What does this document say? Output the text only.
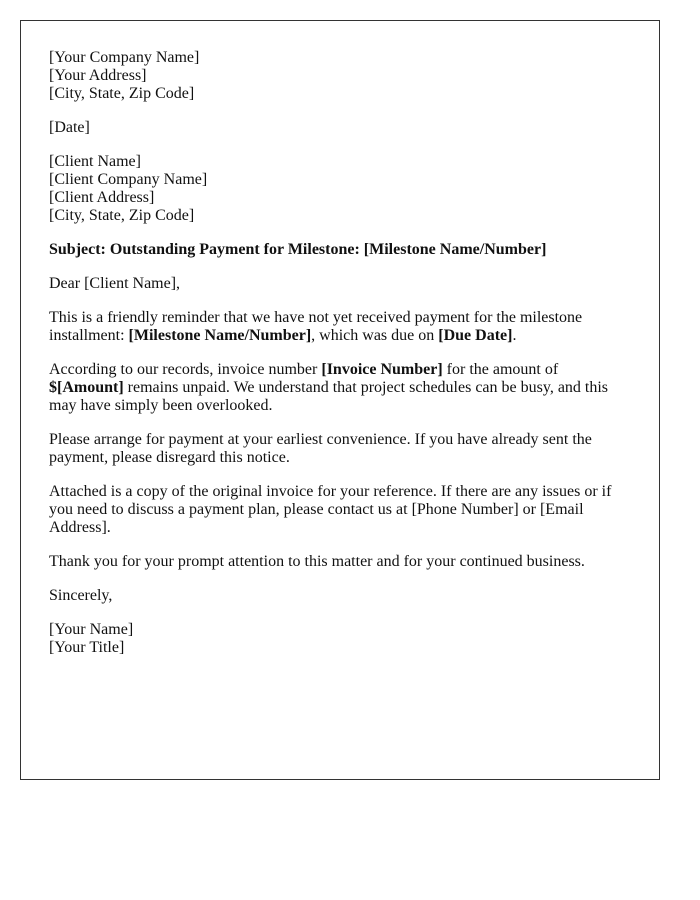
[Your Company Name]
[Your Address]
[City, State, Zip Code]
[Date]
[Client Name]
[Client Company Name]
[Client Address]
[City, State, Zip Code]
Subject: Outstanding Payment for Milestone: [Milestone Name/Number]

Dear [Client Name],

This is a friendly reminder that we have not yet received payment for the milestone installment: [Milestone Name/Number], which was due on [Due Date].

According to our records, invoice number [Invoice Number] for the amount of $[Amount] remains unpaid. We understand that project schedules can be busy, and this may have simply been overlooked.

Please arrange for payment at your earliest convenience. If you have already sent the payment, please disregard this notice.

Attached is a copy of the original invoice for your reference. If there are any issues or if you need to discuss a payment plan, please contact us at [Phone Number] or [Email Address].

Thank you for your prompt attention to this matter and for your continued business.

Sincerely,

[Your Name]
[Your Title]
